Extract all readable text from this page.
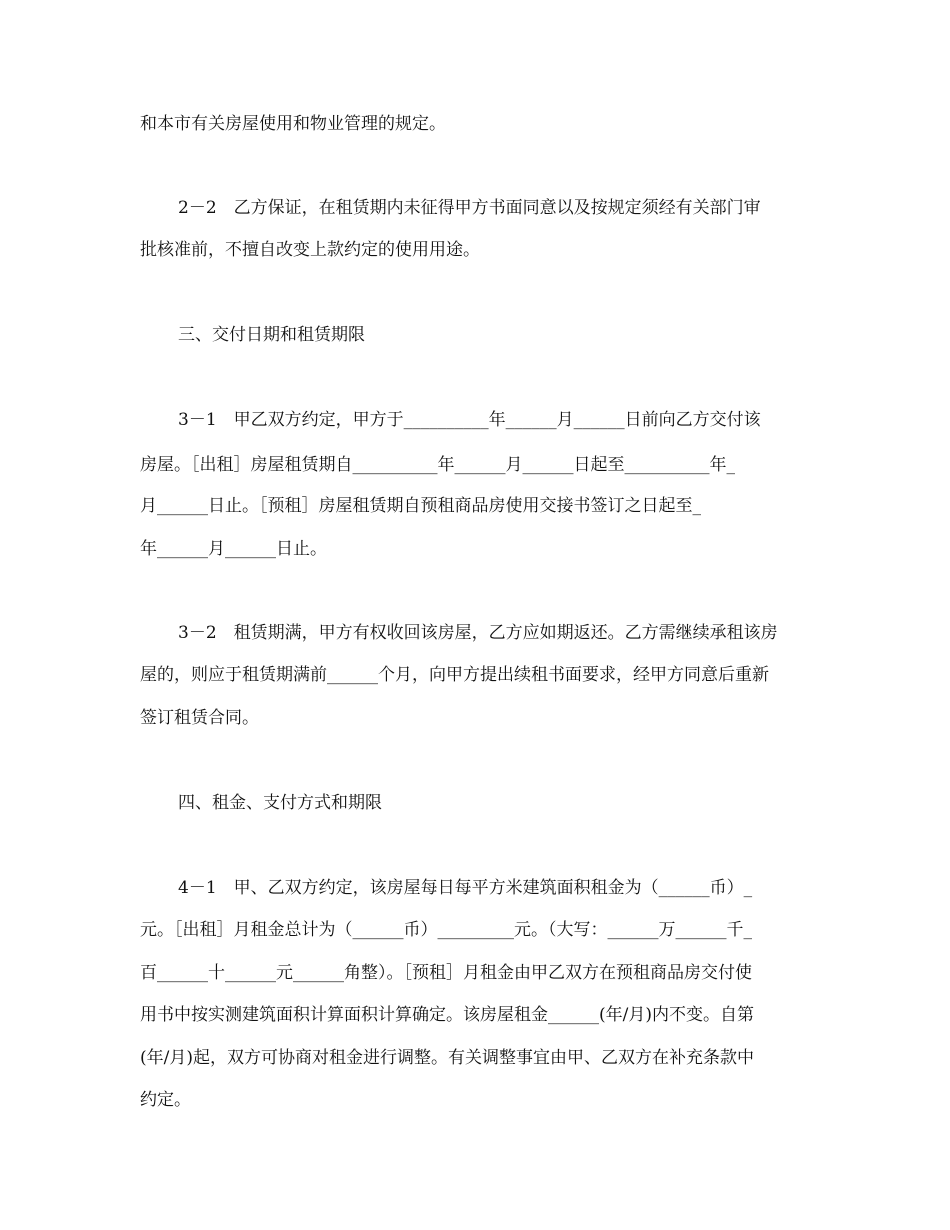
和本市有关房屋使用和物业管理的规定。
2－2　乙方保证，在租赁期内未征得甲方书面同意以及按规定须经有关部门审
批核准前，不擅自改变上款约定的使用用途。
三、交付日期和租赁期限
3－1　甲乙双方约定，甲方于__________年______月______日前向乙方交付该
房屋。［出租］房屋租赁期自__________年______月______日起至__________年_
月______日止。［预租］房屋租赁期自预租商品房使用交接书签订之日起至_
年______月______日止。
3－2　租赁期满，甲方有权收回该房屋，乙方应如期返还。乙方需继续承租该房
屋的，则应于租赁期满前______个月，向甲方提出续租书面要求，经甲方同意后重新
签订租赁合同。
四、租金、支付方式和期限
4－1　甲、乙双方约定，该房屋每日每平方米建筑面积租金为（______币）_
元。［出租］月租金总计为（______币）_________元。（大写：______万______千_
百______十______元______角整）。［预租］月租金由甲乙双方在预租商品房交付使
用书中按实测建筑面积计算面积计算确定。该房屋租金______(年/月)内不变。自第
(年/月)起，双方可协商对租金进行调整。有关调整事宜由甲、乙双方在补充条款中
约定。
